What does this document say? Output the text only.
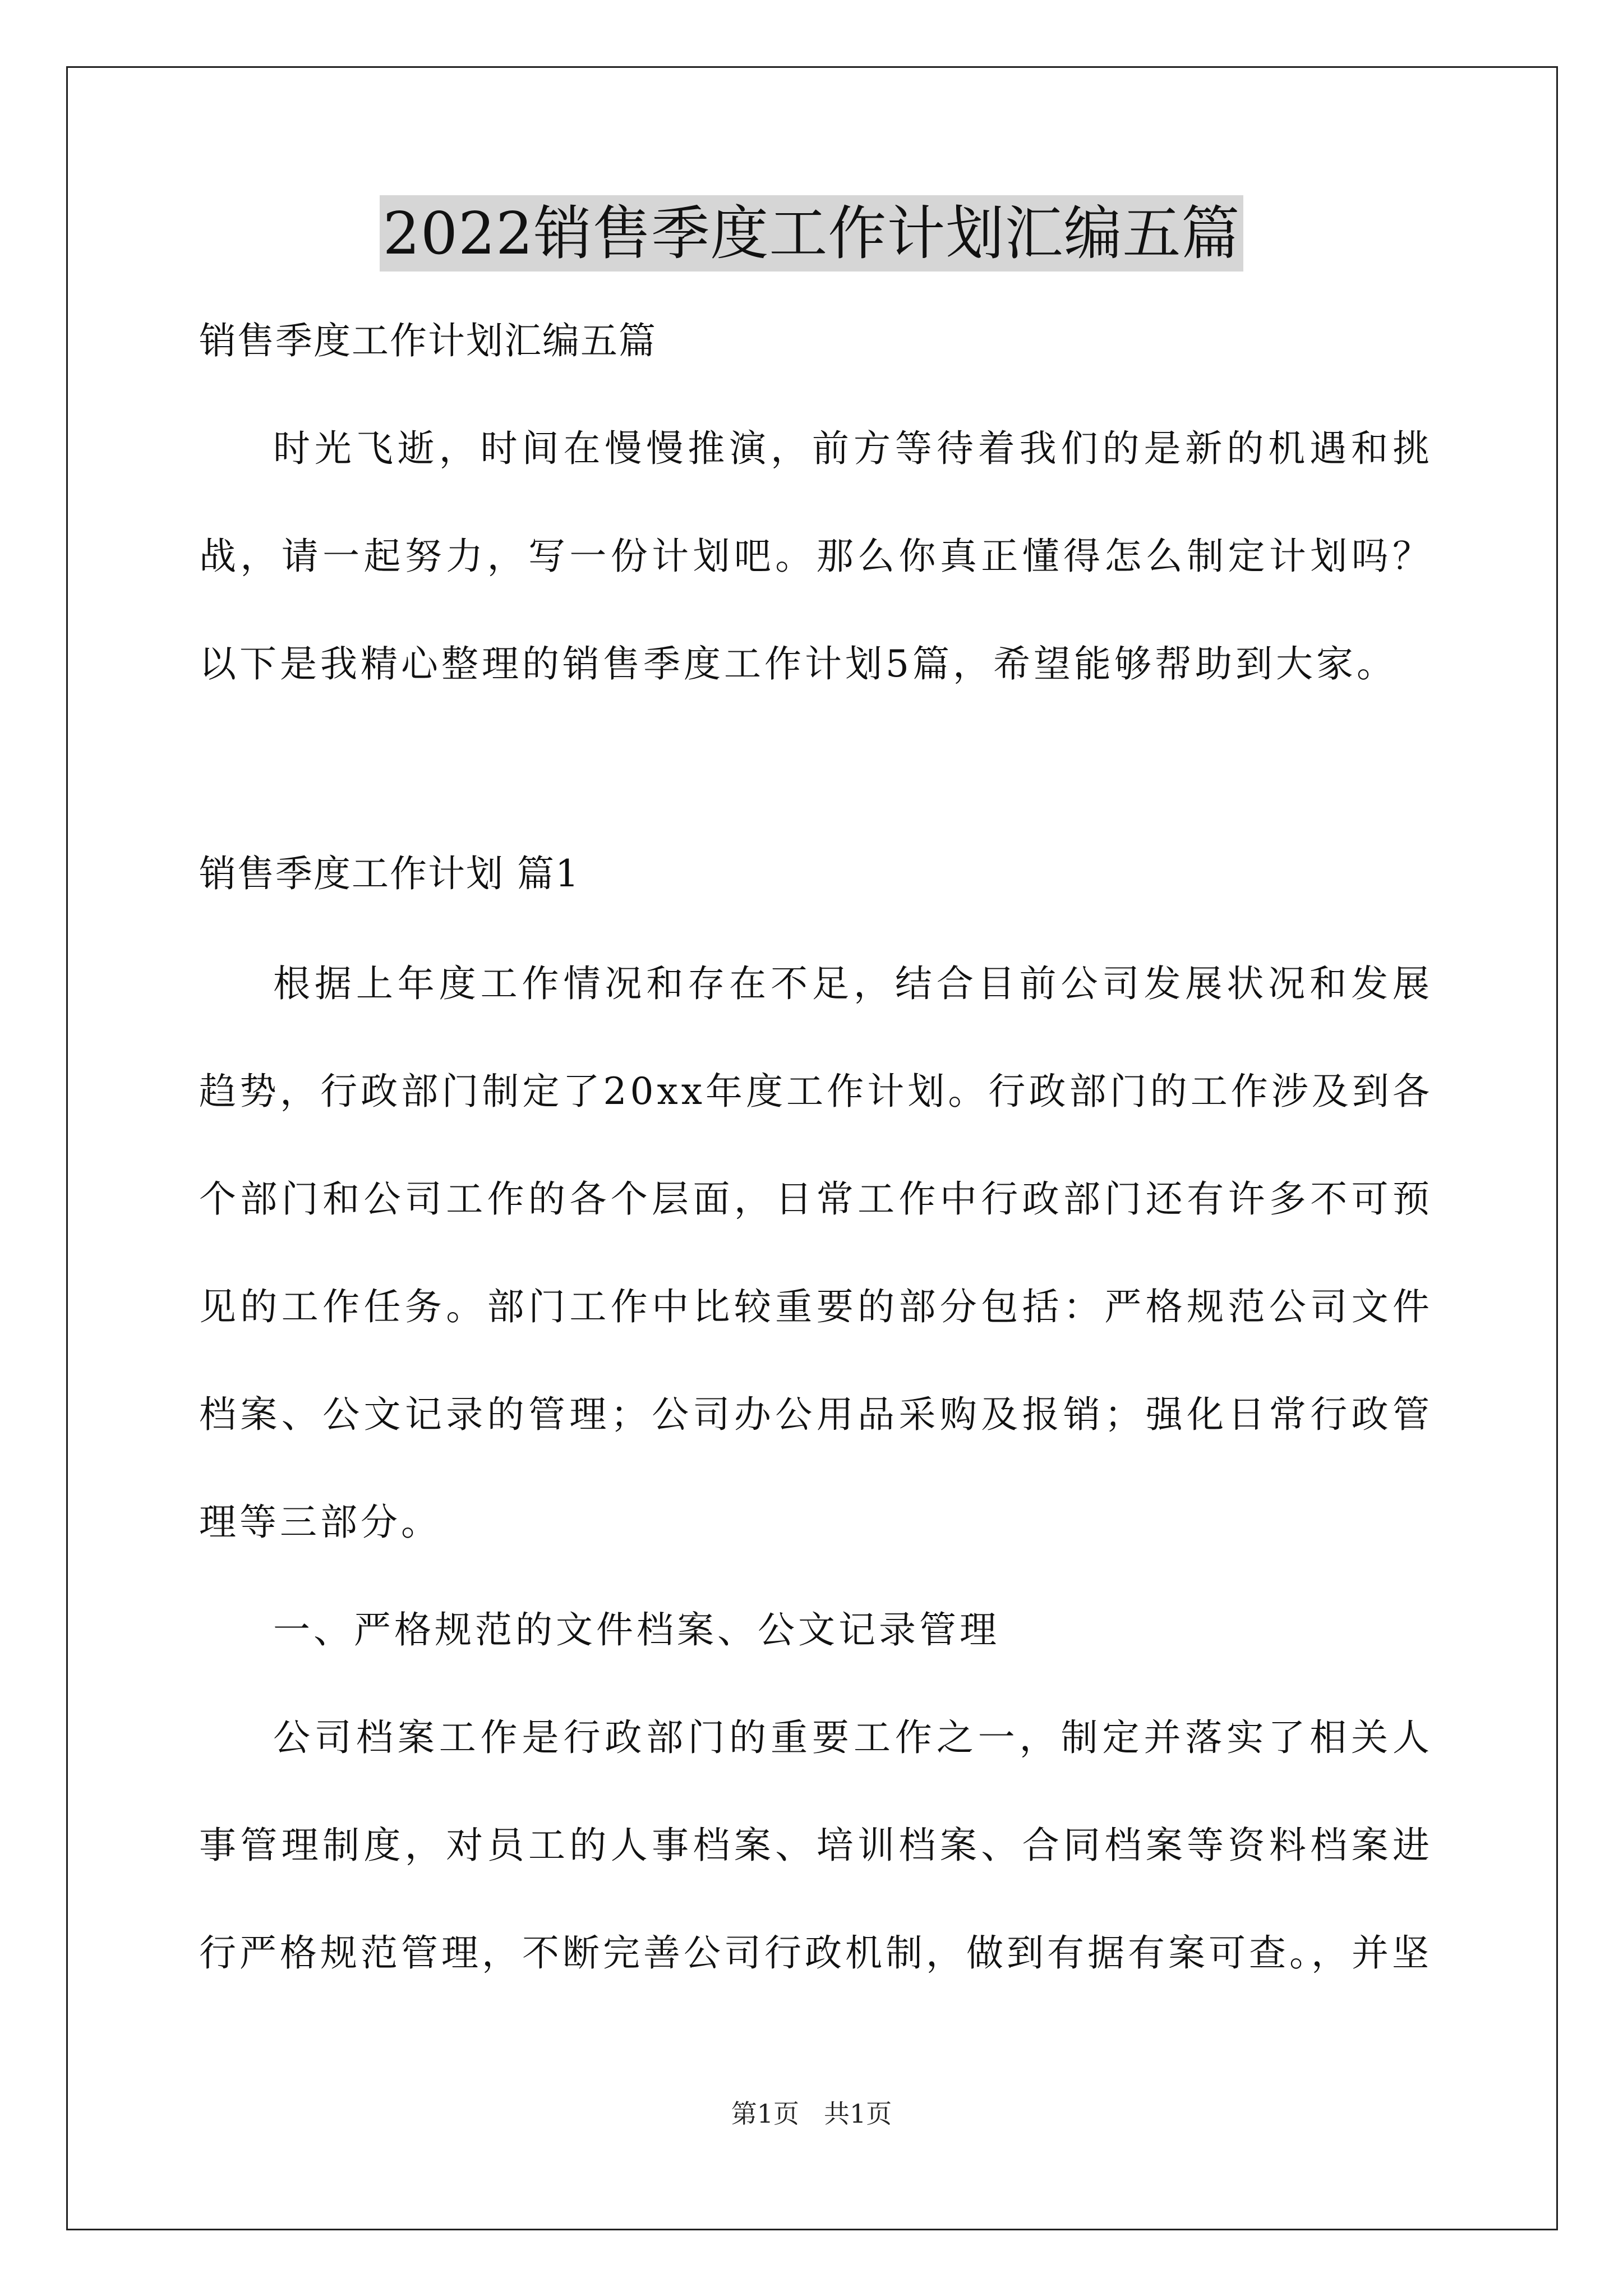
2022销售季度工作计划汇编五篇

销售季度工作计划汇编五篇

时光飞逝，时间在慢慢推演，前方等待着我们的是新的机遇和挑战，请一起努力，写一份计划吧。那么你真正懂得怎么制定计划吗？以下是我精心整理的销售季度工作计划5篇，希望能够帮助到大家。

销售季度工作计划 篇1

根据上年度工作情况和存在不足，结合目前公司发展状况和发展趋势，行政部门制定了20xx年度工作计划。行政部门的工作涉及到各个部门和公司工作的各个层面，日常工作中行政部门还有许多不可预见的工作任务。部门工作中比较重要的部分包括：严格规范公司文件档案、公文记录的管理；公司办公用品采购及报销；强化日常行政管理等三部分。

一、严格规范的文件档案、公文记录管理

公司档案工作是行政部门的重要工作之一，制定并落实了相关人事管理制度，对员工的人事档案、培训档案、合同档案等资料档案进行严格规范管理，不断完善公司行政机制，做到有据有案可查。，并坚

第1页 共1页
